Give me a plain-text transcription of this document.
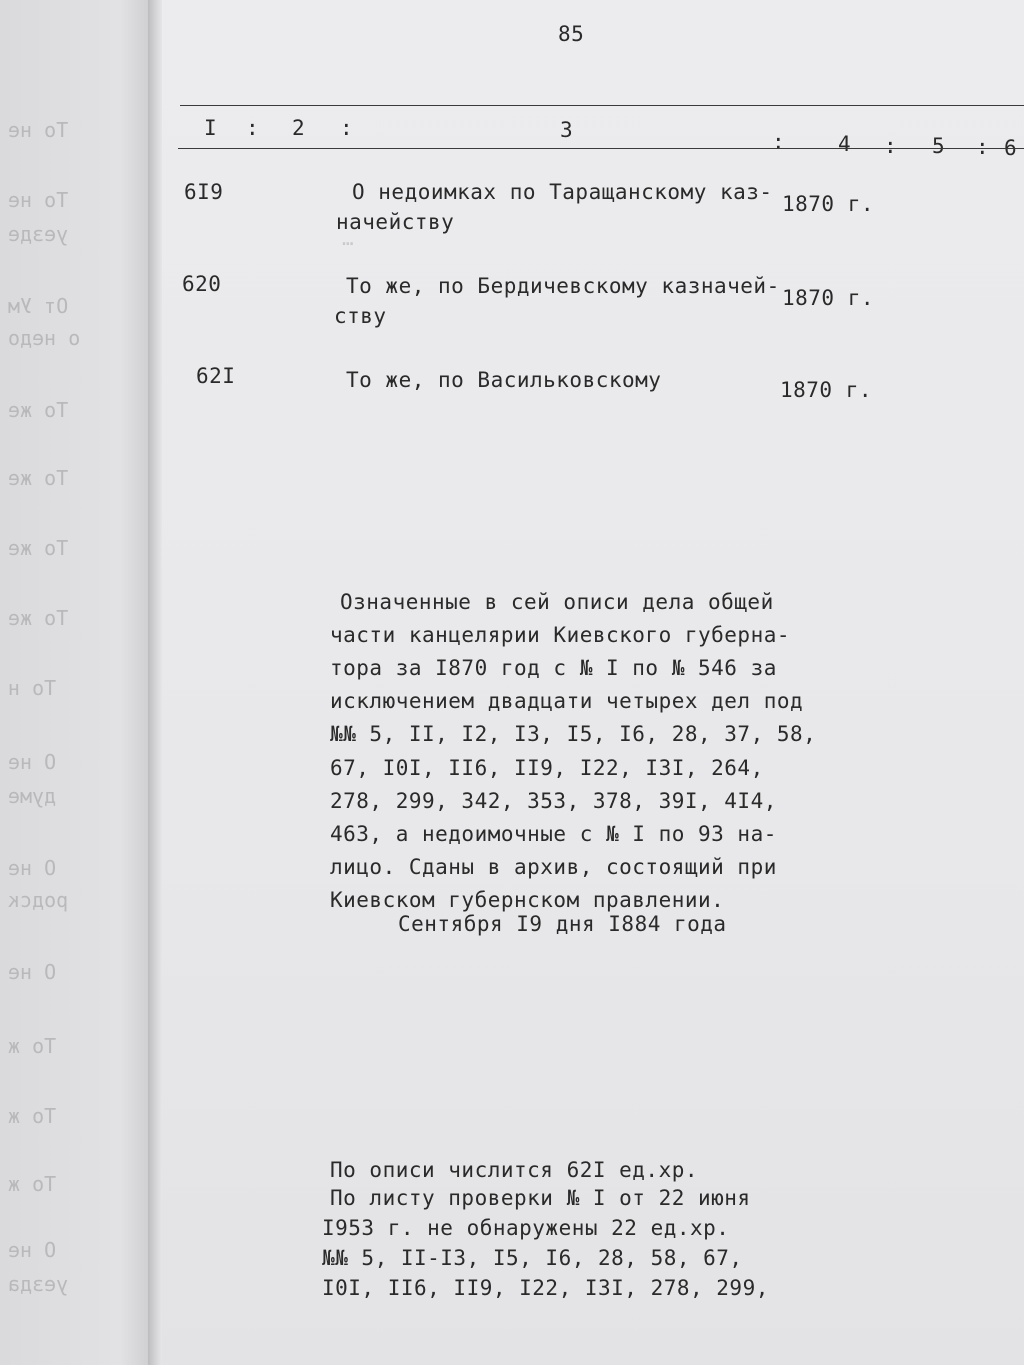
То не
То не
уезде
От Ум
о недо
То же
То же
То же
То же
То н
О не
думе
О не
родск
О не
То ж
То ж
То ж
О не
уезда
85
I : 2 :	3	:	4 : 5 : 6
6I9	О недоимках по Таращанскому каз-
начейству
1870 г.
620	То же, по Бердичевскому казначей-
ству
1870 г.
62I	То же, по Васильковскому	1870 г.
…
Означенные в сей описи дела общей
части канцелярии Киевского губерна-
тора за I870 год с № I по № 546 за
исключением двадцати четырех дел под
№№ 5, II, I2, I3, I5, I6, 28, 37, 58,
67, I0I, II6, II9, I22, I3I, 264,
278, 299, 342, 353, 378, 39I, 4I4,
463, а недоимочные с № I по 93 на-
лицо. Сданы в архив, состоящий при
Киевском губернском правлении.
Сентября I9 дня I884 года
По описи числится 62I ед.хр.
По листу проверки № I от 22 июня
I953 г. не обнаружены 22 ед.хр.
№№ 5, II-I3, I5, I6, 28, 58, 67,
I0I, II6, II9, I22, I3I, 278, 299,
